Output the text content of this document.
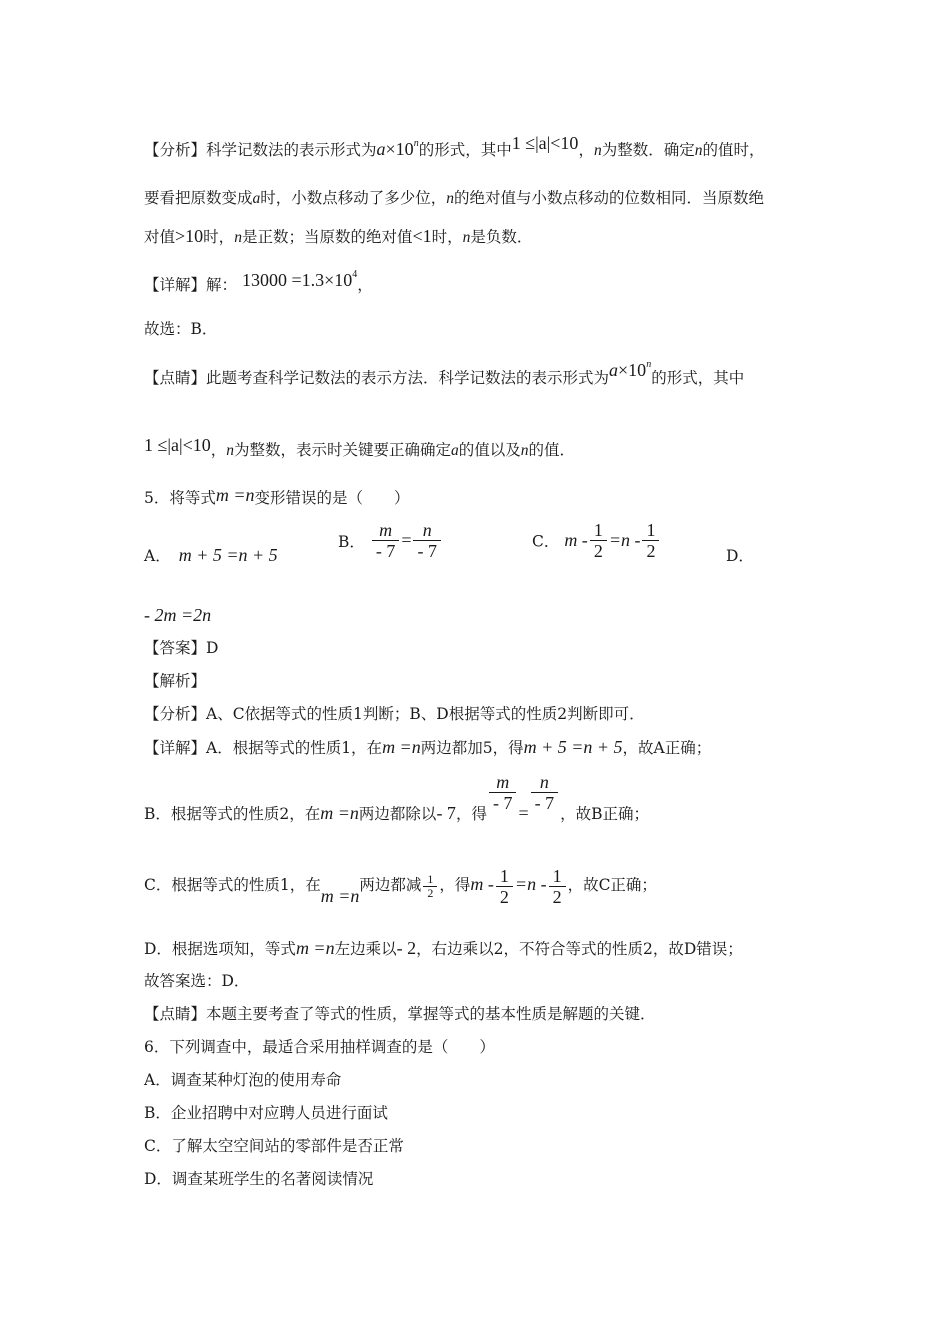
【分析】科学记数法的表示形式为$a\times 10^n$的形式，其中1 ≤|a|<10，n为整数．确定n的值时，
要看把原数变成a时，小数点移动了多少位，n的绝对值与小数点移动的位数相同．当原数绝
对值>10时，n是正数；当原数的绝对值<1时，n是负数．
【详解】解： $13000 =1.3\times 10^4$，
故选：B．
【点睛】此题考查科学记数法的表示方法．科学记数法的表示形式为$a\times 10^n$的形式，其中
1 ≤|a|<10，n为整数，表示时关键要正确确定a的值以及n的值．
5．将等式m =n变形错误的是（　　）
A． m + 5 =n + 5
B． $\frac{m}{- 7} = \frac{n}{- 7}$	C． $m - \frac{1}{2} =n - \frac{1}{2}$	D．
- 2m =2n
【答案】D
【解析】
【分析】A、C依据等式的性质1判断；B、D根据等式的性质2判断即可．
【详解】A．根据等式的性质1，在m =n两边都加5，得m + 5 =n + 5，故A正确；
B．根据等式的性质2，在m =n两边都除以- 7，得
$\frac{m}{- 7} = \frac{n}{- 7}$
，故B正确；
C．根据等式的性质1，在m =n两边都减 $\frac{1}{2}$ ，得$m - \frac{1}{2} =n - \frac{1}{2}$ ，故C正确；
D．根据选项知，等式m =n左边乘以- 2，右边乘以2，不符合等式的性质2，故D错误；
故答案选：D．
【点睛】本题主要考查了等式的性质，掌握等式的基本性质是解题的关键．
6．下列调查中，最适合采用抽样调查的是（　　）
A．调查某种灯泡的使用寿命
B．企业招聘中对应聘人员进行面试
C．了解太空空间站的零部件是否正常
D．调查某班学生的名著阅读情况
